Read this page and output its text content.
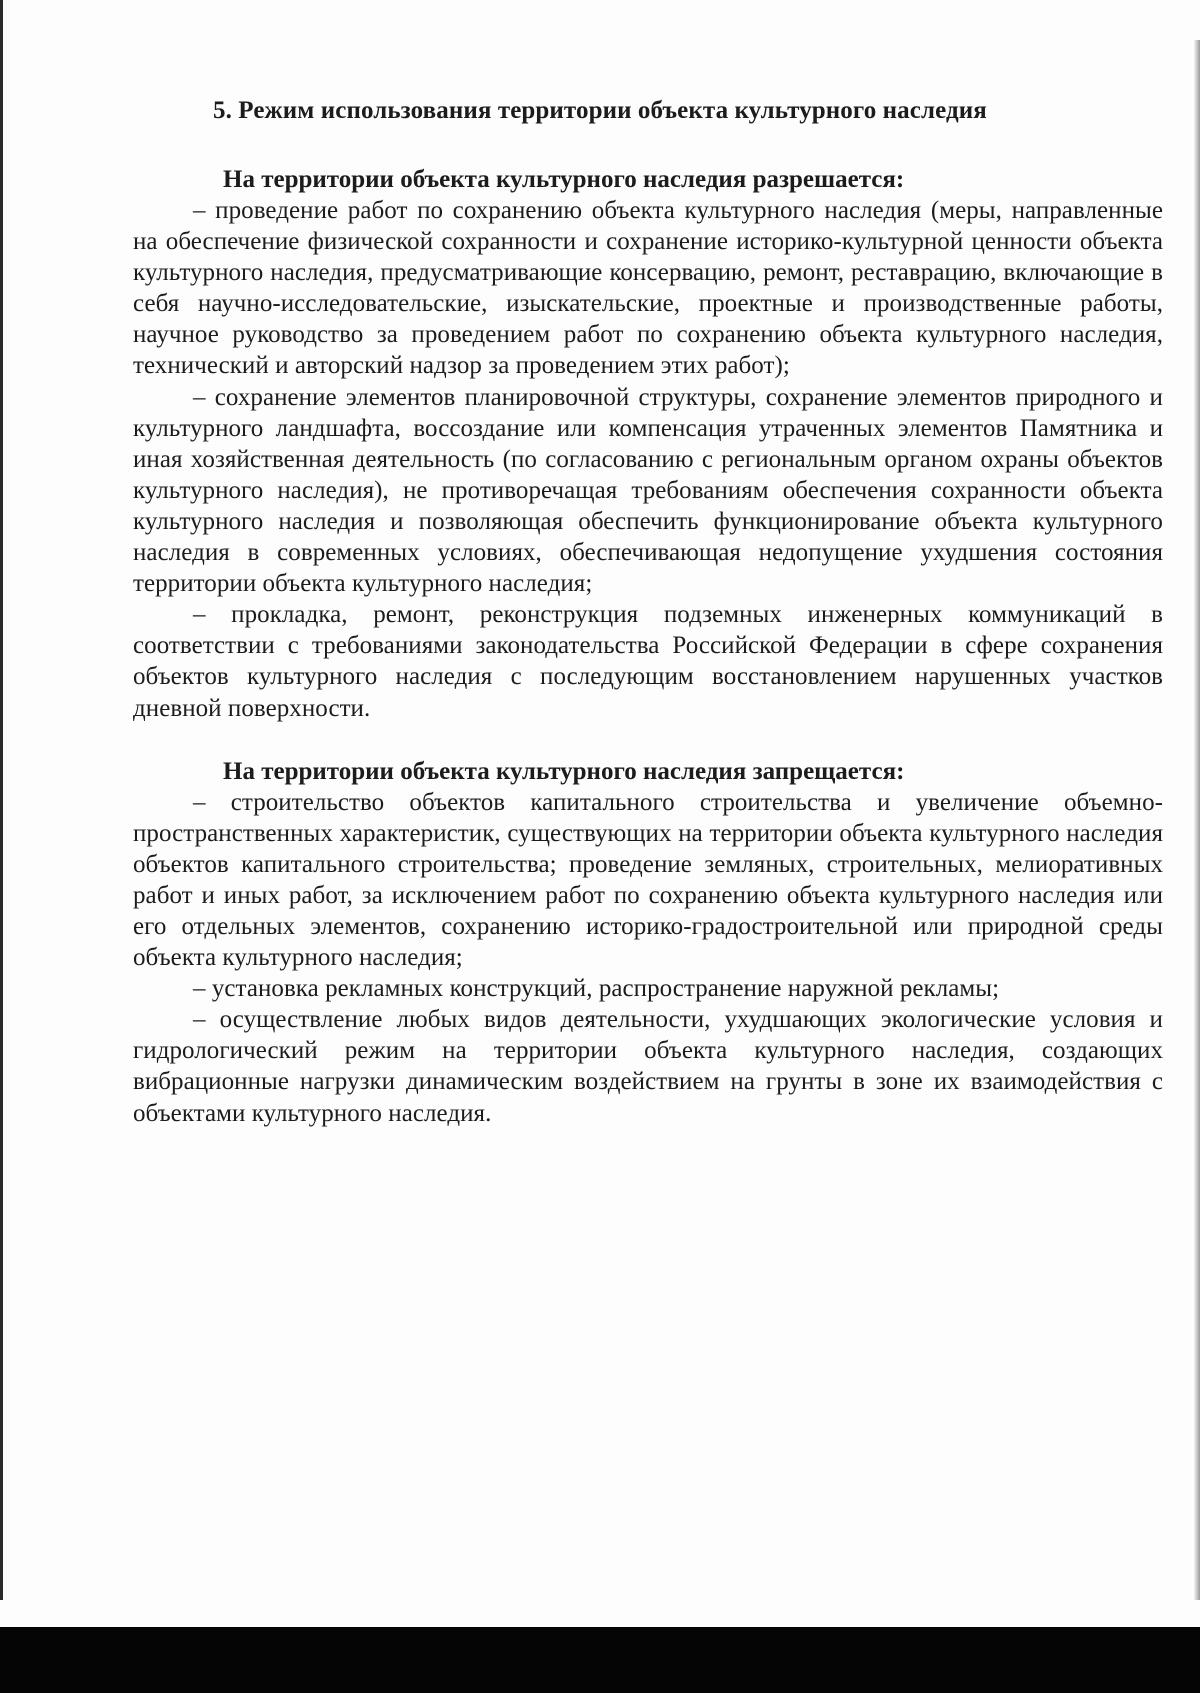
5. Режим использования территории объекта культурного наследия
На территории объекта культурного наследия разрешается:

– проведение работ по сохранению объекта культурного наследия (меры, направленные на обеспечение физической сохранности и сохранение историко-культурной ценности объекта культурного наследия, предусматривающие консервацию, ремонт, реставрацию, включающие в себя научно-исследовательские, изыскательские, проектные и производственные работы, научное руководство за проведением работ по сохранению объекта культурного наследия, технический и авторский надзор за проведением этих работ);

– сохранение элементов планировочной структуры, сохранение элементов природного и культурного ландшафта, воссоздание или компенсация утраченных элементов Памятника и иная хозяйственная деятельность (по согласованию с региональным органом охраны объектов культурного наследия), не противоречащая требованиям обеспечения сохранности объекта культурного наследия и позволяющая обеспечить функционирование объекта культурного наследия в современных условиях, обеспечивающая недопущение ухудшения состояния территории объекта культурного наследия;

– прокладка, ремонт, реконструкция подземных инженерных коммуникаций в соответствии с требованиями законодательства Российской Федерации в сфере сохранения объектов культурного наследия с последующим восстановлением нарушенных участков дневной поверхности.

На территории объекта культурного наследия запрещается:

– строительство объектов капитального строительства и увеличение объемно-пространственных характеристик, существующих на территории объекта культурного наследия объектов капитального строительства; проведение земляных, строительных, мелиоративных работ и иных работ, за исключением работ по сохранению объекта культурного наследия или его отдельных элементов, сохранению историко-градостроительной или природной среды объекта культурного наследия;

– установка рекламных конструкций, распространение наружной рекламы;

– осуществление любых видов деятельности, ухудшающих экологические условия и гидрологический режим на территории объекта культурного наследия, создающих вибрационные нагрузки динамическим воздействием на грунты в зоне их взаимодействия с объектами культурного наследия.
